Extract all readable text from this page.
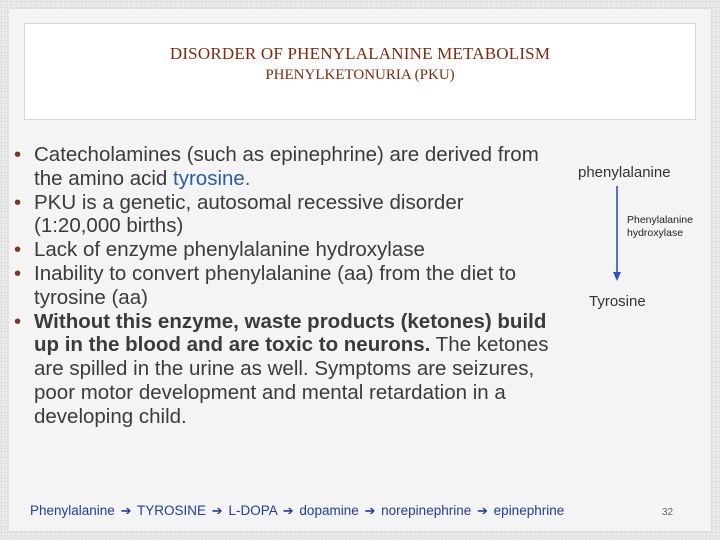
DISORDER OF PHENYLALANINE METABOLISM
PHENYLKETONURIA (PKU)
• Catecholamines (such as epinephrine) are derived from the amino acid tyrosine.
• PKU is a genetic, autosomal recessive disorder (1:20,000 births)
• Lack of enzyme phenylalanine hydroxylase
• Inability to convert phenylalanine (aa) from the diet to tyrosine (aa)
• Without this enzyme, waste products (ketones) build up in the blood and are toxic to neurons. The ketones are spilled in the urine as well. Symptoms are seizures, poor motor development and mental retardation in a developing child.
phenylalanine
Phenylalanine
hydroxylase
Tyrosine
Phenylalanine ➔ TYROSINE ➔ L-DOPA ➔ dopamine ➔ norepinephrine ➔ epinephrine	32
